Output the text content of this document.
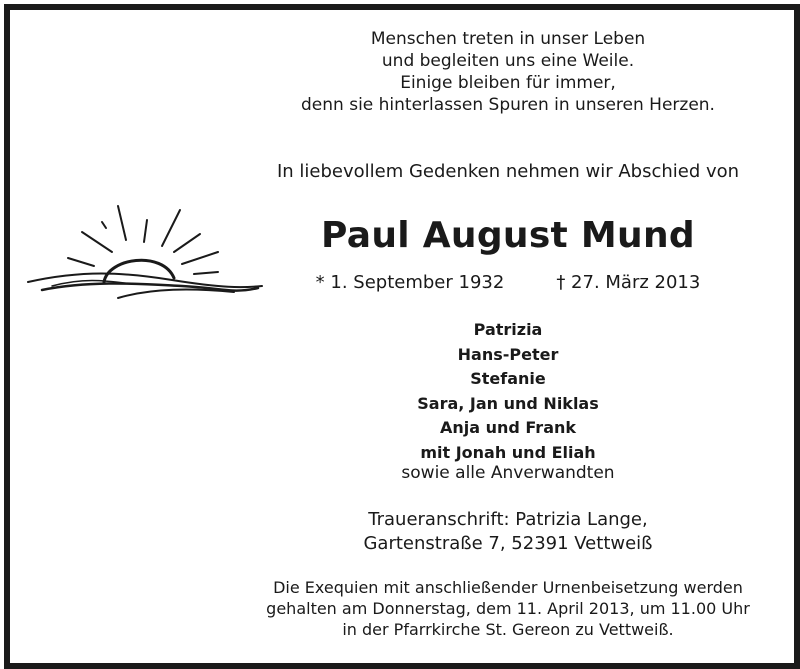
Menschen treten in unser Leben
und begleiten uns eine Weile.
Einige bleiben für immer,
denn sie hinterlassen Spuren in unseren Herzen.
In liebevollem Gedenken nehmen wir Abschied von
Paul August Mund
* 1. September 1932	† 27. März 2013
Patrizia
Hans-Peter
Stefanie
Sara, Jan und Niklas
Anja und Frank
mit Jonah und Eliah
sowie alle Anverwandten
Traueranschrift: Patrizia Lange,
Gartenstraße 7, 52391 Vettweiß
Die Exequien mit anschließender Urnenbeisetzung werden
gehalten am Donnerstag, dem 11. April 2013, um 11.00 Uhr
in der Pfarrkirche St. Gereon zu Vettweiß.
